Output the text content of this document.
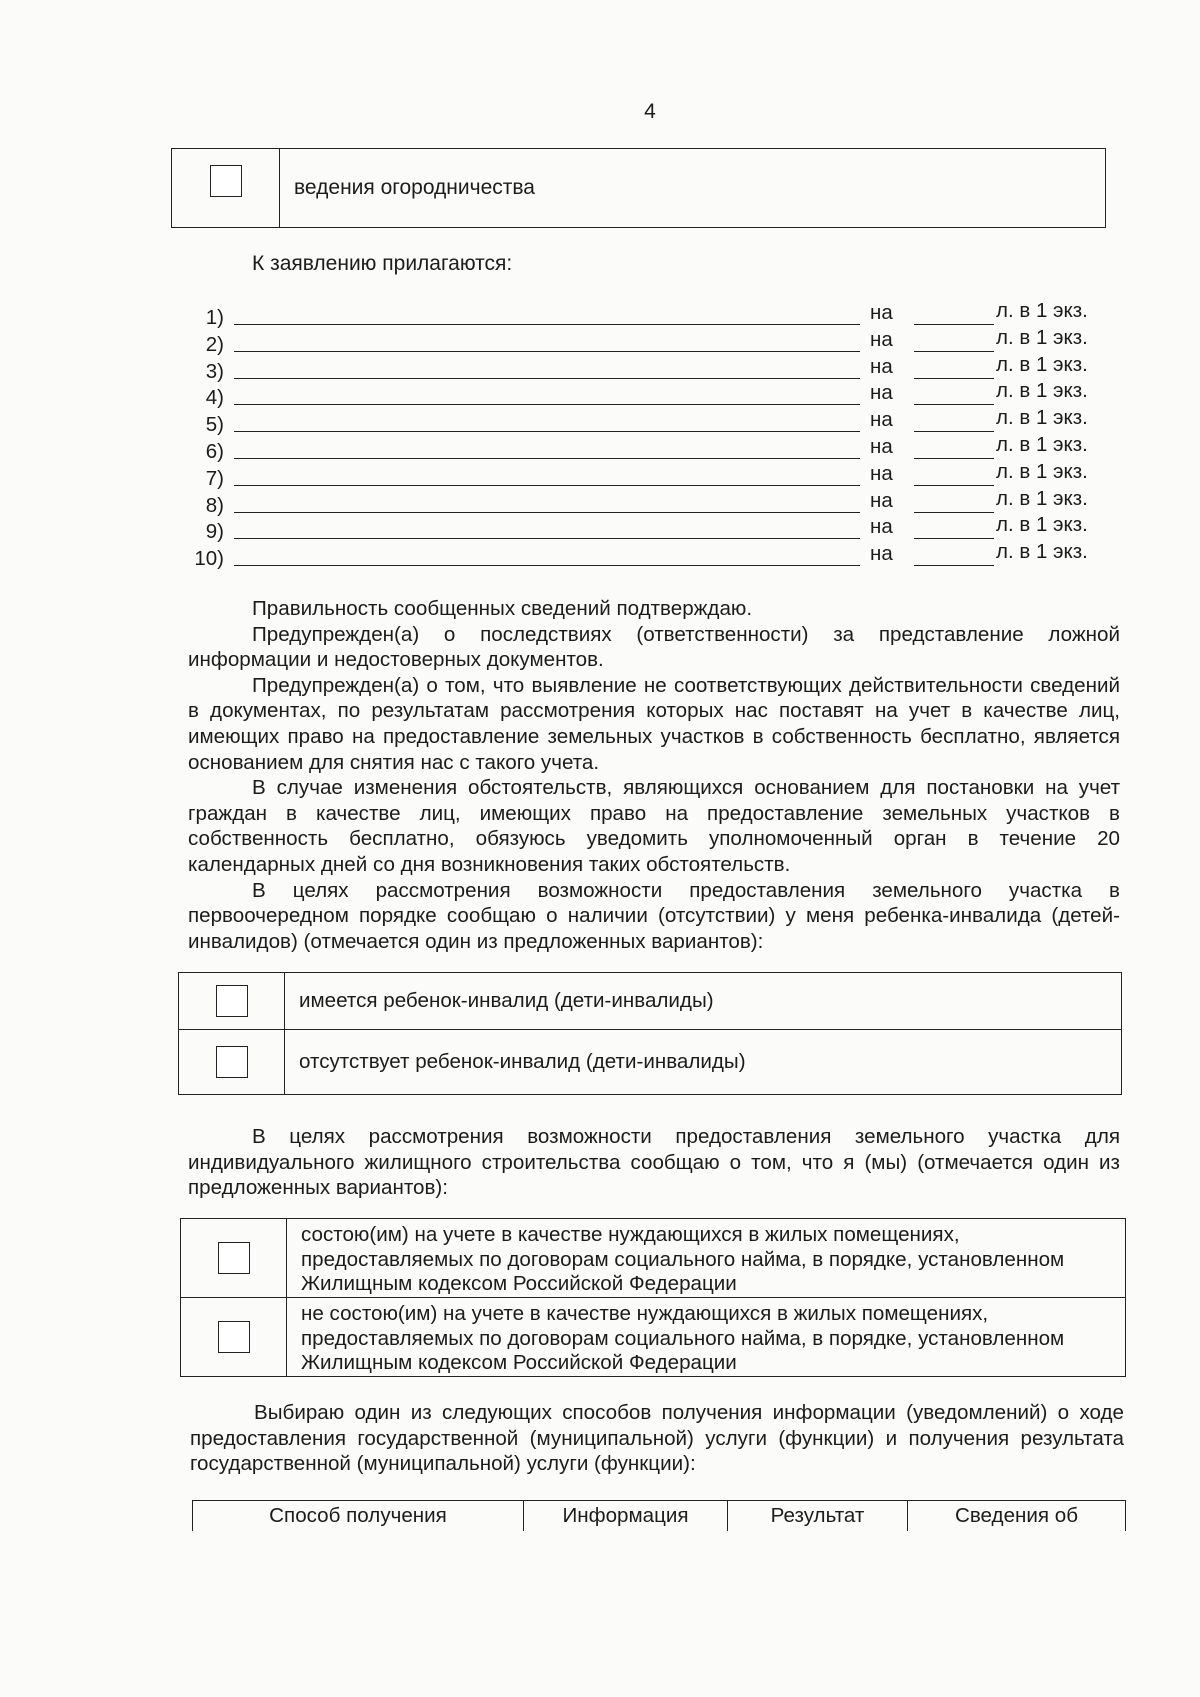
4
ведения огородничества
К заявлению прилагаются:
1)	на	л. в 1 экз.
2)	на	л. в 1 экз.
3)	на	л. в 1 экз.
4)	на	л. в 1 экз.
5)	на	л. в 1 экз.
6)	на	л. в 1 экз.
7)	на	л. в 1 экз.
8)	на	л. в 1 экз.
9)	на	л. в 1 экз.
10)	на	л. в 1 экз.

Правильность сообщенных сведений подтверждаю.

Предупрежден(а) о последствиях (ответственности) за представление ложной информации и недостоверных документов.

Предупрежден(а) о том, что выявление не соответствующих действительности сведений в документах, по результатам рассмотрения которых нас поставят на учет в качестве лиц, имеющих право на предоставление земельных участков в собственность бесплатно, является основанием для снятия нас с такого учета.

В случае изменения обстоятельств, являющихся основанием для постановки на учет граждан в качестве лиц, имеющих право на предоставление земельных участков в собственность бесплатно, обязуюсь уведомить уполномоченный орган в течение 20 календарных дней со дня возникновения таких обстоятельств.

В целях рассмотрения возможности предоставления земельного участка в первоочередном порядке сообщаю о наличии (отсутствии) у меня ребенка-инвалида (детей-инвалидов) (отмечается один из предложенных вариантов):

имеется ребенок-инвалид (дети-инвалиды)
отсутствует ребенок-инвалид (дети-инвалиды)

В целях рассмотрения возможности предоставления земельного участка для индивидуального жилищного строительства сообщаю о том, что я (мы) (отмечается один из предложенных вариантов):

состою(им) на учете в качестве нуждающихся в жилых помещениях, предоставляемых по договорам социального найма, в порядке, установленном Жилищным кодексом Российской Федерации
не состою(им) на учете в качестве нуждающихся в жилых помещениях, предоставляемых по договорам социального найма, в порядке, установленном Жилищным кодексом Российской Федерации

Выбираю один из следующих способов получения информации (уведомлений) о ходе предоставления государственной (муниципальной) услуги (функции) и получения результата государственной (муниципальной) услуги (функции):

Способ получения	Информация	Результат	Сведения об
